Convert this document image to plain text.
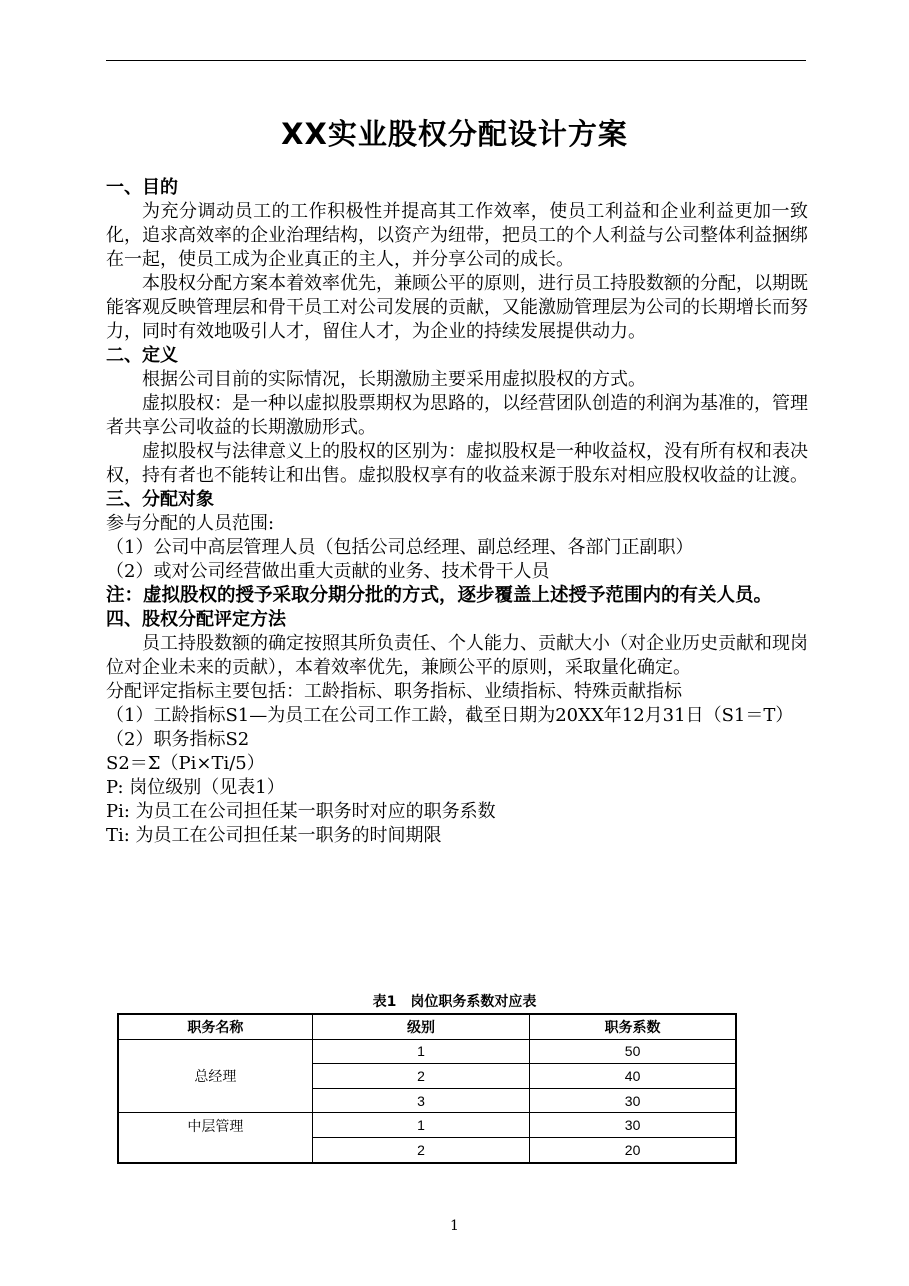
XX实业股权分配设计方案

一、目的

为充分调动员工的工作积极性并提高其工作效率，使员工利益和企业利益更加一致化，追求高效率的企业治理结构，以资产为纽带，把员工的个人利益与公司整体利益捆绑在一起，使员工成为企业真正的主人，并分享公司的成长。

本股权分配方案本着效率优先，兼顾公平的原则，进行员工持股数额的分配，以期既能客观反映管理层和骨干员工对公司发展的贡献，又能激励管理层为公司的长期增长而努力，同时有效地吸引人才，留住人才，为企业的持续发展提供动力。

二、定义

根据公司目前的实际情况，长期激励主要采用虚拟股权的方式。

虚拟股权：是一种以虚拟股票期权为思路的，以经营团队创造的利润为基准的，管理者共享公司收益的长期激励形式。

虚拟股权与法律意义上的股权的区别为：虚拟股权是一种收益权，没有所有权和表决权，持有者也不能转让和出售。虚拟股权享有的收益来源于股东对相应股权收益的让渡。

三、分配对象

参与分配的人员范围:

（1）公司中高层管理人员（包括公司总经理、副总经理、各部门正副职）

（2）或对公司经营做出重大贡献的业务、技术骨干人员

注：虚拟股权的授予采取分期分批的方式，逐步覆盖上述授予范围内的有关人员。

四、股权分配评定方法

员工持股数额的确定按照其所负责任、个人能力、贡献大小（对企业历史贡献和现岗位对企业未来的贡献），本着效率优先，兼顾公平的原则，采取量化确定。

分配评定指标主要包括：工龄指标、职务指标、业绩指标、特殊贡献指标

（1）工龄指标S1—为员工在公司工作工龄，截至日期为20XX年12月31日（S1＝T）

（2）职务指标S2

S2＝Σ（Pi×Ti/5）

P: 岗位级别（见表1）

Pi: 为员工在公司担任某一职务时对应的职务系数

Ti: 为员工在公司担任某一职务的时间期限

表1　岗位职务系数对应表
职务名称	级别	职务系数
总经理	1	50
	2	40
	3	30
中层管理	1	30
	2	20
1
